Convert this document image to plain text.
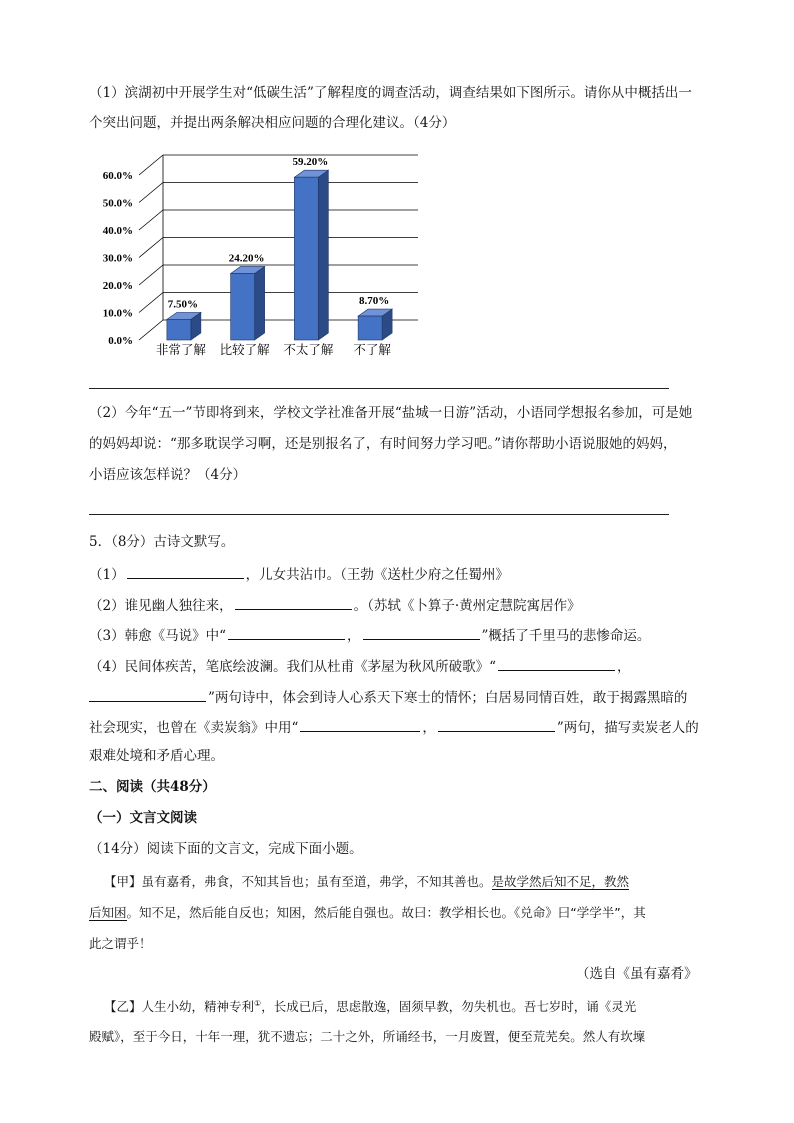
（1）滨湖初中开展学生对“低碳生活”了解程度的调查活动，调查结果如下图所示。请你从中概括出一
个突出问题，并提出两条解决相应问题的合理化建议。（4分）
0.0%
10.0%
20.0%
30.0%
40.0%
50.0%
60.0%
7.50%
非常了解
24.20%
比较了解
59.20%
不太了解
8.70%
不了解
（2）今年“五一”节即将到来，学校文学社准备开展“盐城一日游”活动，小语同学想报名参加，可是她
的妈妈却说：“那多耽误学习啊，还是别报名了，有时间努力学习吧。”请你帮助小语说服她的妈妈，
小语应该怎样说？（4分）
5．（8分）古诗文默写。
（1）	，儿女共沾巾。（王勃《送杜少府之任蜀州》
（2）谁见幽人独往来，	。（苏轼《卜算子·黄州定慧院寓居作》
（3）韩愈《马说》中“	，	”概括了千里马的悲惨命运。
（4）民间体疾苦，笔底绘波澜。我们从杜甫《茅屋为秋风所破歌》“	，
”两句诗中，体会到诗人心系天下寒士的情怀；白居易同情百姓，敢于揭露黑暗的
社会现实，也曾在《卖炭翁》中用“	，	”两句，描写卖炭老人的
艰难处境和矛盾心理。
二、阅读（共48分）
（一）文言文阅读
（14分）阅读下面的文言文，完成下面小题。
【甲】虽有嘉肴，弗食，不知其旨也；虽有至道，弗学，不知其善也。是故学然后知不足，教然
后知困。知不足，然后能自反也；知困，然后能自强也。故曰：教学相长也。《兑命》曰“学学半”，其
此之谓乎！
（选自《虽有嘉肴》
【乙】人生小幼，精神专利①，长成已后，思虑散逸，固须早教，勿失机也。吾七岁时，诵《灵光
殿赋》，至于今日，十年一理，犹不遗忘；二十之外，所诵经书，一月废置，便至荒芜矣。然人有坎壈
